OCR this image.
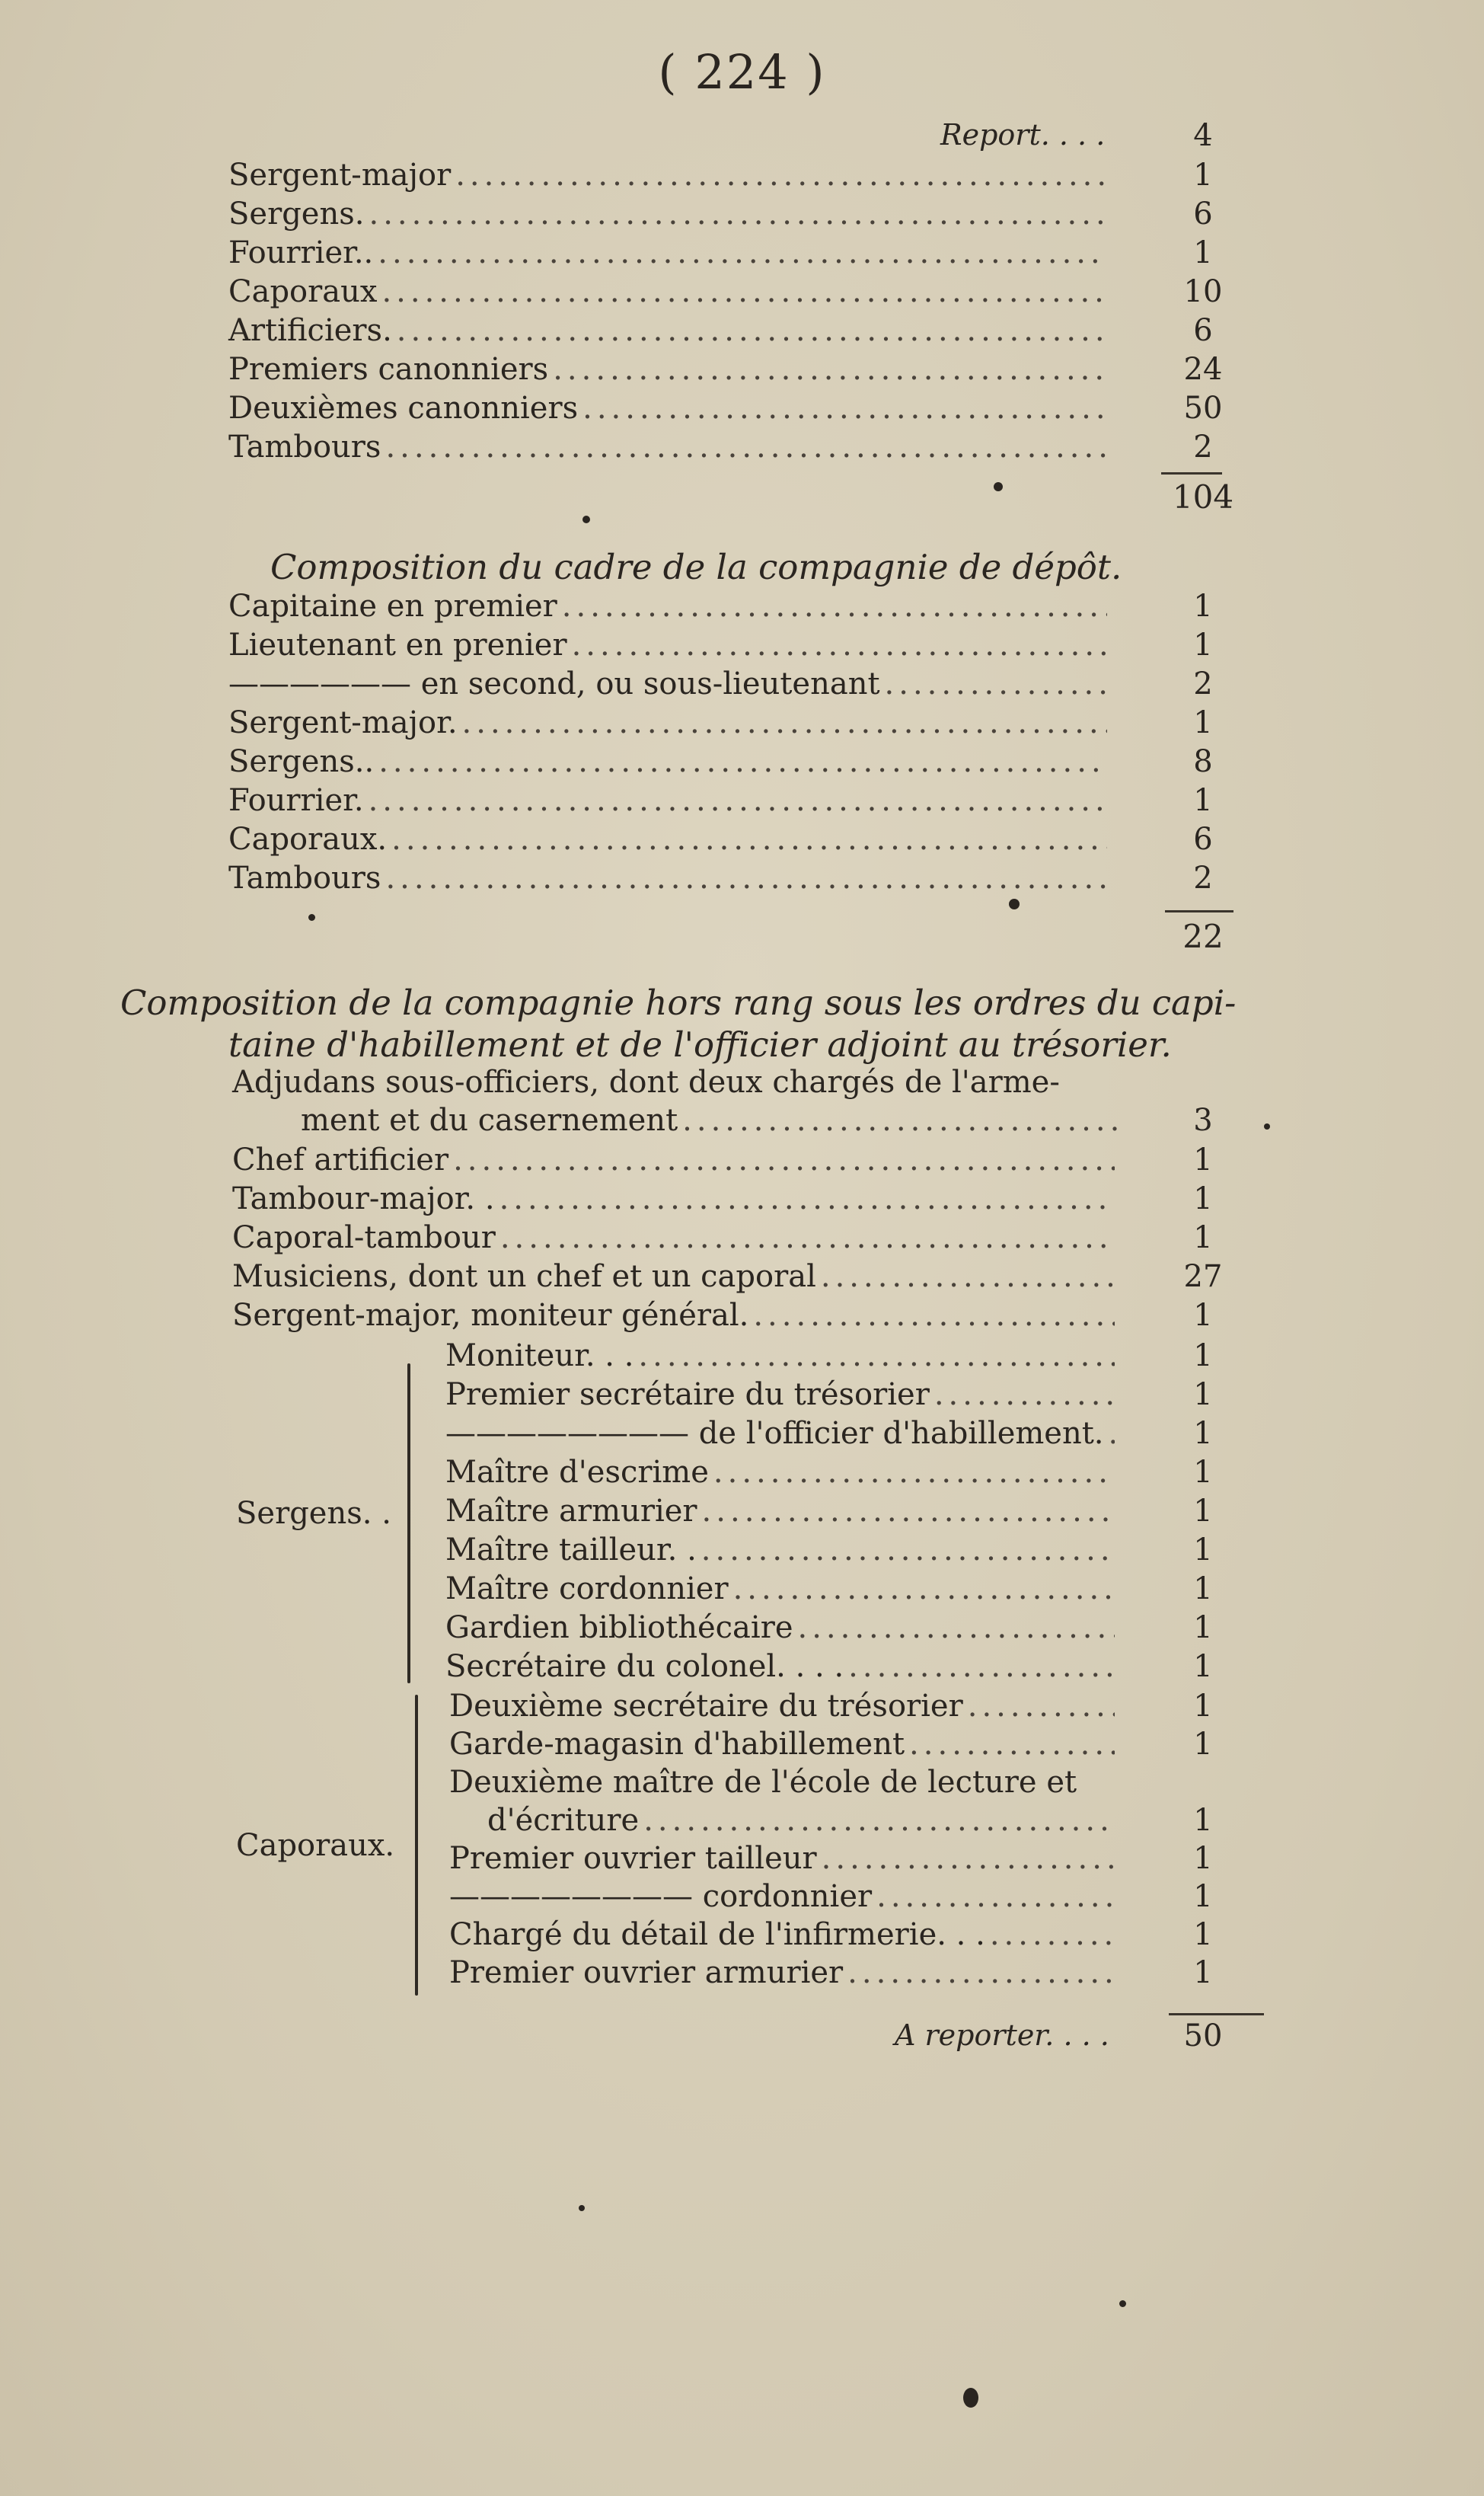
( 224 )
Report. . . .	4
Sergent-major .....	1
Sergens. .....	6
Fourrier.. .....	1
Caporaux .....	10
Artificiers. .....	6
Premiers canonniers .....	24
Deuxièmes canonniers .....	50
Tambours .....	2
104
Composition du cadre de la compagnie de dépôt.
Capitaine en premier .....	1
Lieutenant en prenier .....	1
—————— en second, ou sous-lieutenant .....	2
Sergent-major. .....	1
Sergens.. .....	8
Fourrier. .....	1
Caporaux. .....	6
Tambours .....	2
22
Composition de la compagnie hors rang sous les ordres du capi-
taine d'habillement et de l'officier adjoint au trésorier.
Adjudans sous-officiers, dont deux chargés de l'arme-
ment et du casernement .....	3
Chef artificier .....	1
Tambour-major. . .....	1
Caporal-tambour .....	1
Musiciens, dont un chef et un caporal .....	27
Sergent-major, moniteur général. .....	1
Sergens. .
Moniteur. . . .....	1
Premier secrétaire du trésorier .....	1
———————— de l'officier d'habillement. .....	1
Maître d'escrime .....	1
Maître armurier .....	1
Maître tailleur. . .....	1
Maître cordonnier .....	1
Gardien bibliothécaire .....	1
Secrétaire du colonel. . . . .....	1
Caporaux.
Deuxième secrétaire du trésorier .....	1
Garde-magasin d'habillement .....	1
Deuxième maître de l'école de lecture et
d'écriture .....	1
Premier ouvrier tailleur .....	1
———————— cordonnier .....	1
Chargé du détail de l'infirmerie. . . .....	1
Premier ouvrier armurier .....	1
A reporter. . . .	50
